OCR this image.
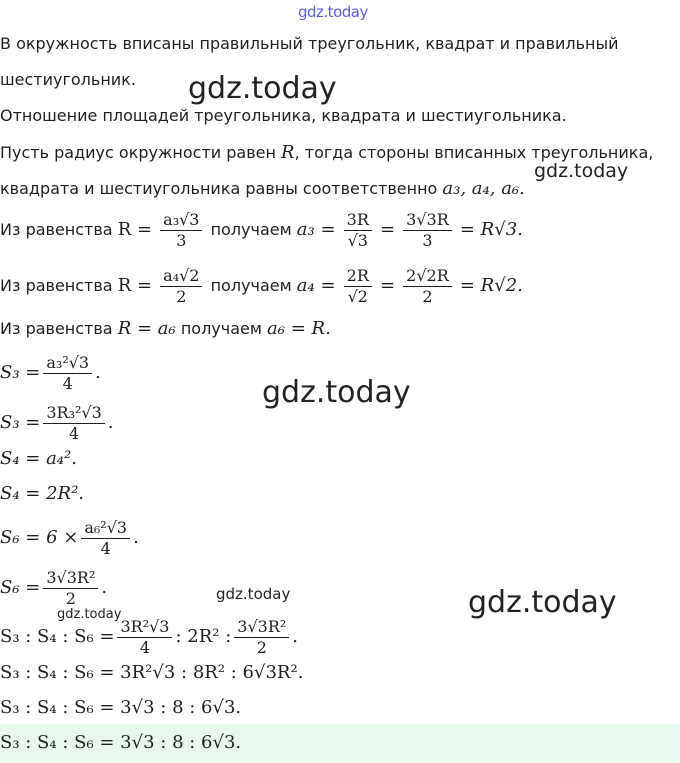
gdz.today
gdz.today
gdz.today
gdz.today
gdz.today
gdz.today	gdz.today
В окружность вписаны правильный треугольник, квадрат и правильный
шестиугольник.
Отношение площадей треугольника, квадрата и шестиугольника.
Пусть радиус окружности равен R, тогда стороны вписанных треугольника,
квадрата и шестиугольника равны соответственно a₃, a₄, a₆.
Из равенства $R = \frac{\text{a₃√3}}{3}$ получаем $a_3 = \frac{3R}{√3} = \frac{3√3R}{3} = R√3$.
Из равенства $R = \frac{\text{a₄√2}}{2}$ получаем $a_4 = \frac{2R}{√2} = \frac{2√2R}{2} = R√2$.
Из равенства R = a₆ получаем a₆ = R.
$S_3 = \frac{\text{a₃²√3}}{4}$ .
$S_3 = \frac{\text{3R₃²√3}}{4}$ .
S₄ = a₄².
S₄ = 2R².
$S_6 = 6 \times \frac{\text{a₆²√3}}{4}$ .
$S_6 = \frac{\text{3√3R²}}{2}$ .
S₃ : S₄ : $S_6 = \frac{\text{3R²√3}}{4}$ : 2R² : $\frac{\text{3√3R²}}{2}$ .
S₃ : S₄ : S₆ = 3R²√3 : 8R² : 6√3R².
S₃ : S₄ : S₆ = 3√3 : 8 : 6√3.
S₃ : S₄ : S₆ = 3√3 : 8 : 6√3.
